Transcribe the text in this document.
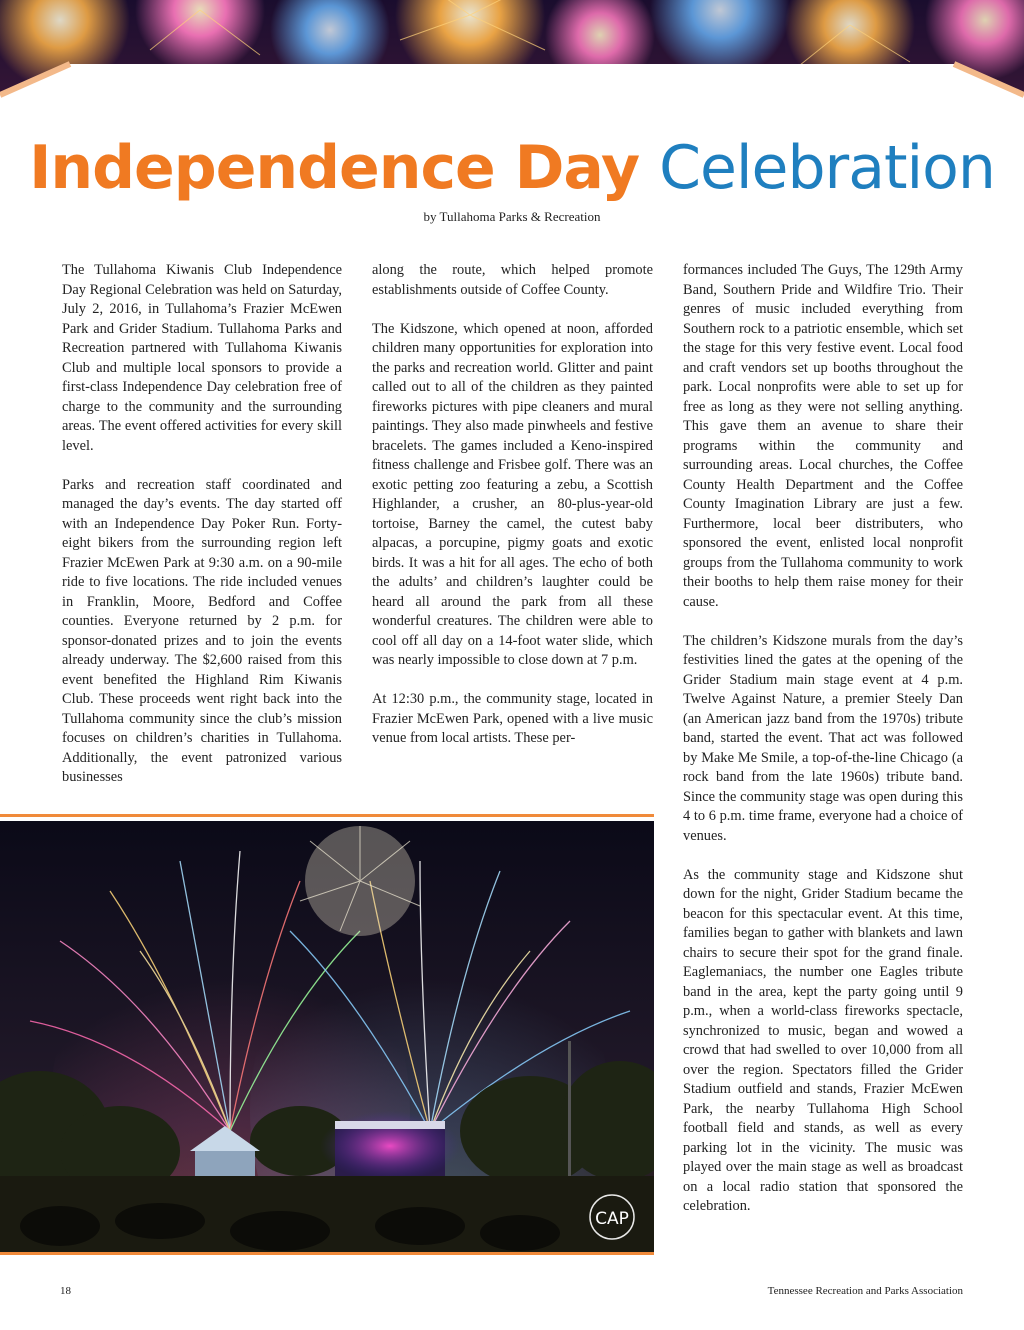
Independence Day Celebration
by Tullahoma Parks & Recreation

The Tullahoma Kiwanis Club Independence Day Regional Celebration was held on Saturday, July 2, 2016, in Tullahoma’s Frazier McEwen Park and Grider Stadium. Tullahoma Parks and Recreation partnered with Tullahoma Kiwanis Club and multiple local sponsors to provide a first-class Independence Day celebration free of charge to the community and the surrounding areas. The event offered activities for every skill level.

Parks and recreation staff coordinated and managed the day’s events. The day started off with an Independence Day Poker Run. Forty-eight bikers from the surrounding region left Frazier McEwen Park at 9:30 a.m. on a 90-mile ride to five locations. The ride included venues in Franklin, Moore, Bedford and Coffee counties. Everyone returned by 2 p.m. for sponsor-donated prizes and to join the events already underway. The $2,600 raised from this event benefited the Highland Rim Kiwanis Club. These proceeds went right back into the Tullahoma community since the club’s mission focuses on children’s charities in Tullahoma. Additionally, the event patronized various businesses

along the route, which helped promote establishments outside of Coffee County.

The Kidszone, which opened at noon, afforded children many opportunities for exploration into the parks and recreation world. Glitter and paint called out to all of the children as they painted fireworks pictures with pipe cleaners and mural paintings. They also made pinwheels and festive bracelets. The games included a Keno-inspired fitness challenge and Frisbee golf. There was an exotic petting zoo featuring a zebu, a Scottish Highlander, a crusher, an 80-plus-year-old tortoise, Barney the camel, the cutest baby alpacas, a porcupine, pigmy goats and exotic birds. It was a hit for all ages. The echo of both the adults’ and children’s laughter could be heard all around the park from all these wonderful creatures. The children were able to cool off all day on a 14-foot water slide, which was nearly impossible to close down at 7 p.m.

At 12:30 p.m., the community stage, located in Frazier McEwen Park, opened with a live music venue from local artists. These per-

formances included The Guys, The 129th Army Band, Southern Pride and Wildfire Trio. Their genres of music included everything from Southern rock to a patriotic ensemble, which set the stage for this very festive event. Local food and craft vendors set up booths throughout the park. Local nonprofits were able to set up for free as long as they were not selling anything. This gave them an avenue to share their programs within the community and surrounding areas. Local churches, the Coffee County Health Department and the Coffee County Imagination Library are just a few. Furthermore, local beer distributers, who sponsored the event, enlisted local nonprofit groups from the Tullahoma community to work their booths to help them raise money for their cause.

The children’s Kidszone murals from the day’s festivities lined the gates at the opening of the Grider Stadium main stage event at 4 p.m. Twelve Against Nature, a premier Steely Dan (an American jazz band from the 1970s) tribute band, started the event. That act was followed by Make Me Smile, a top-of-the-line Chicago (a rock band from the late 1960s) tribute band. Since the community stage was open during this 4 to 6 p.m. time frame, everyone had a choice of venues.

As the community stage and Kidszone shut down for the night, Grider Stadium became the beacon for this spectacular event. At this time, families began to gather with blankets and lawn chairs to secure their spot for the grand finale. Eaglemaniacs, the number one Eagles tribute band in the area, kept the party going until 9 p.m., when a world-class fireworks spectacle, synchronized to music, began and wowed a crowd that had swelled to over 10,000 from all over the region. Spectators filled the Grider Stadium outfield and stands, Frazier McEwen Park, the nearby Tullahoma High School football field and stands, as well as every parking lot in the vicinity. The music was played over the main stage as well as broadcast on a local radio station that sponsored the celebration.

CAP
18	Tennessee Recreation and Parks Association
